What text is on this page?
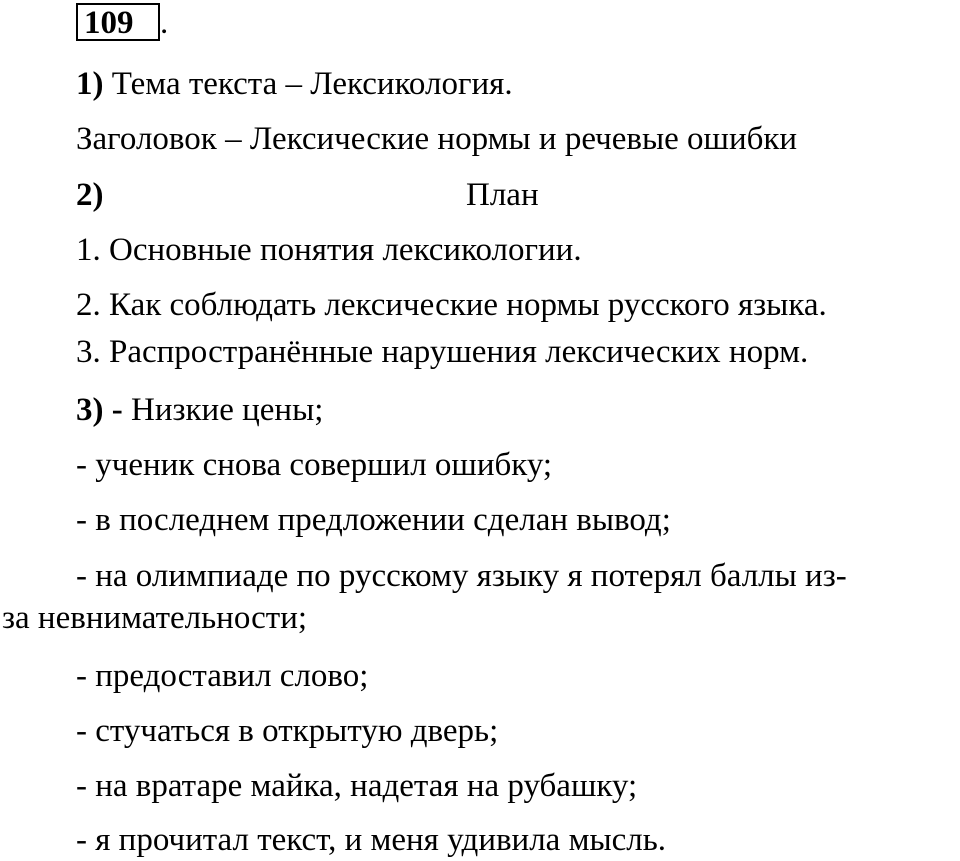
109 .
1) Тема текста – Лексикология.
Заголовок – Лексические нормы и речевые ошибки
2)	План
1. Основные понятия лексикологии.
2. Как соблюдать лексические нормы русского языка.
3. Распространённые нарушения лексических норм.
3) - Низкие цены;
- ученик снова совершил ошибку;
- в последнем предложении сделан вывод;
- на олимпиаде по русскому языку я потерял баллы из-
за невнимательности;
- предоставил слово;
- стучаться в открытую дверь;
- на вратаре майка, надетая на рубашку;
- я прочитал текст, и меня удивила мысль.
